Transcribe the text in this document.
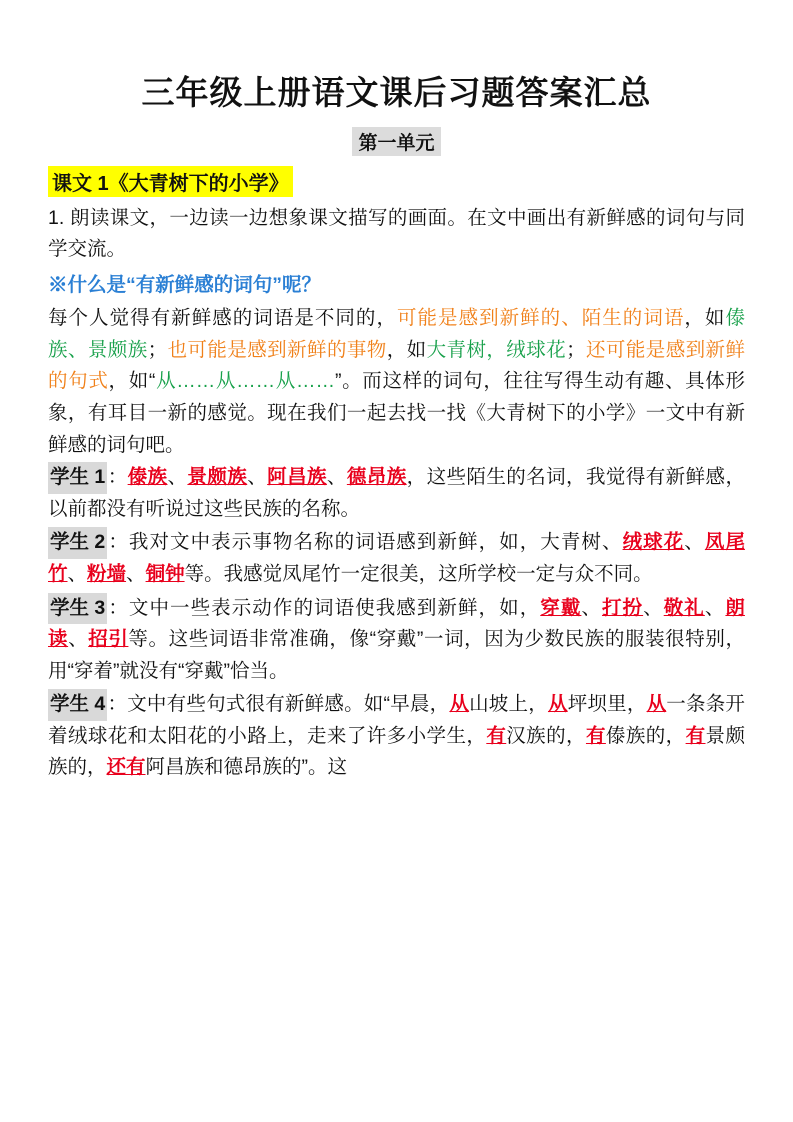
三年级上册语文课后习题答案汇总
第一单元
课文 1《大青树下的小学》

1. 朗读课文，一边读一边想象课文描写的画面。在文中画出有新鲜感的词句与同学交流。

※什么是“有新鲜感的词句”呢？

每个人觉得有新鲜感的词语是不同的，可能是感到新鲜的、陌生的词语，如傣族、景颇族；也可能是感到新鲜的事物，如大青树，绒球花；还可能是感到新鲜的句式，如“从……从……从……”。而这样的词句，往往写得生动有趣、具体形象，有耳目一新的感觉。现在我们一起去找一找《大青树下的小学》一文中有新鲜感的词句吧。

学生 1 ：傣族、景颇族、阿昌族、德昂族，这些陌生的名词，我觉得有新鲜感，以前都没有听说过这些民族的名称。

学生 2 ：我对文中表示事物名称的词语感到新鲜，如，大青树、绒球花、凤尾竹、粉墙、铜钟等。我感觉凤尾竹一定很美，这所学校一定与众不同。

学生 3 ：文中一些表示动作的词语使我感到新鲜，如，穿戴、打扮、敬礼、朗读、招引等。这些词语非常准确，像“穿戴”一词，因为少数民族的服装很特别，用“穿着”就没有“穿戴”恰当。

学生 4 ：文中有些句式很有新鲜感。如“早晨，从山坡上，从坪坝里，从一条条开着绒球花和太阳花的小路上，走来了许多小学生，有汉族的，有傣族的，有景颇族的，还有阿昌族和德昂族的”。这
